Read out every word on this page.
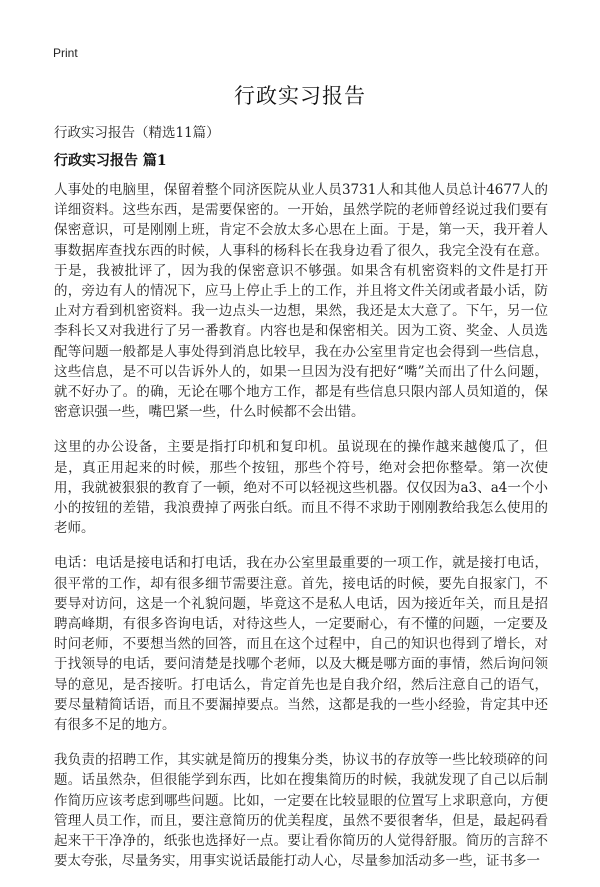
Print
行政实习报告

行政实习报告（精选11篇）

行政实习报告 篇1

人事处的电脑里，保留着整个同济医院从业人员3731人和其他人员总计4677人的详细资料。这些东西，是需要保密的。一开始，虽然学院的老师曾经说过我们要有保密意识，可是刚刚上班，肯定不会放太多心思在上面。于是，第一天，我开着人事数据库查找东西的时候，人事科的杨科长在我身边看了很久，我完全没有在意。于是，我被批评了，因为我的保密意识不够强。如果含有机密资料的文件是打开的，旁边有人的情况下，应马上停止手上的工作，并且将文件关闭或者最小话，防止对方看到机密资料。我一边点头一边想，果然，我还是太大意了。下午，另一位李科长又对我进行了另一番教育。内容也是和保密相关。因为工资、奖金、人员选配等问题一般都是人事处得到消息比较早，我在办公室里肯定也会得到一些信息，这些信息，是不可以告诉外人的，如果一旦因为没有把好“嘴”关而出了什么问题，就不好办了。的确，无论在哪个地方工作，都是有些信息只限内部人员知道的，保密意识强一些，嘴巴紧一些，什么时候都不会出错。

这里的办公设备，主要是指打印机和复印机。虽说现在的操作越来越傻瓜了，但是，真正用起来的时候，那些个按钮，那些个符号，绝对会把你整晕。第一次使用，我就被狠狠的教育了一顿，绝对不可以轻视这些机器。仅仅因为a3、a4一个小小的按钮的差错，我浪费掉了两张白纸。而且不得不求助于刚刚教给我怎么使用的老师。

电话：电话是接电话和打电话，我在办公室里最重要的一项工作，就是接打电话，很平常的工作，却有很多细节需要注意。首先，接电话的时候，要先自报家门，不要导对访问，这是一个礼貌问题，毕竟这不是私人电话，因为接近年关，而且是招聘高峰期，有很多咨询电话，对待这些人，一定要耐心，有不懂的问题，一定要及时问老师，不要想当然的回答，而且在这个过程中，自己的知识也得到了增长，对于找领导的电话，要问清楚是找哪个老师，以及大概是哪方面的事情，然后询问领导的意见，是否接听。打电话么，肯定首先也是自我介绍，然后注意自己的语气，要尽量精简话语，而且不要漏掉要点。当然，这都是我的一些小经验，肯定其中还有很多不足的地方。

我负责的招聘工作，其实就是简历的搜集分类，协议书的存放等一些比较琐碎的问题。话虽然杂，但很能学到东西，比如在搜集简历的时候，我就发现了自己以后制作简历应该考虑到哪些问题。比如，一定要在比较显眼的位置写上求职意向，方便管理人员工作，而且，要注意简历的优美程度，虽然不要很奢华，但是，最起码看起来干干净净的，纸张也选择好一点。要让看你简历的人觉得舒服。简历的言辞不要太夸张，尽量务实，用事实说话最能打动人心，尽量参加活动多一些，证书多一
